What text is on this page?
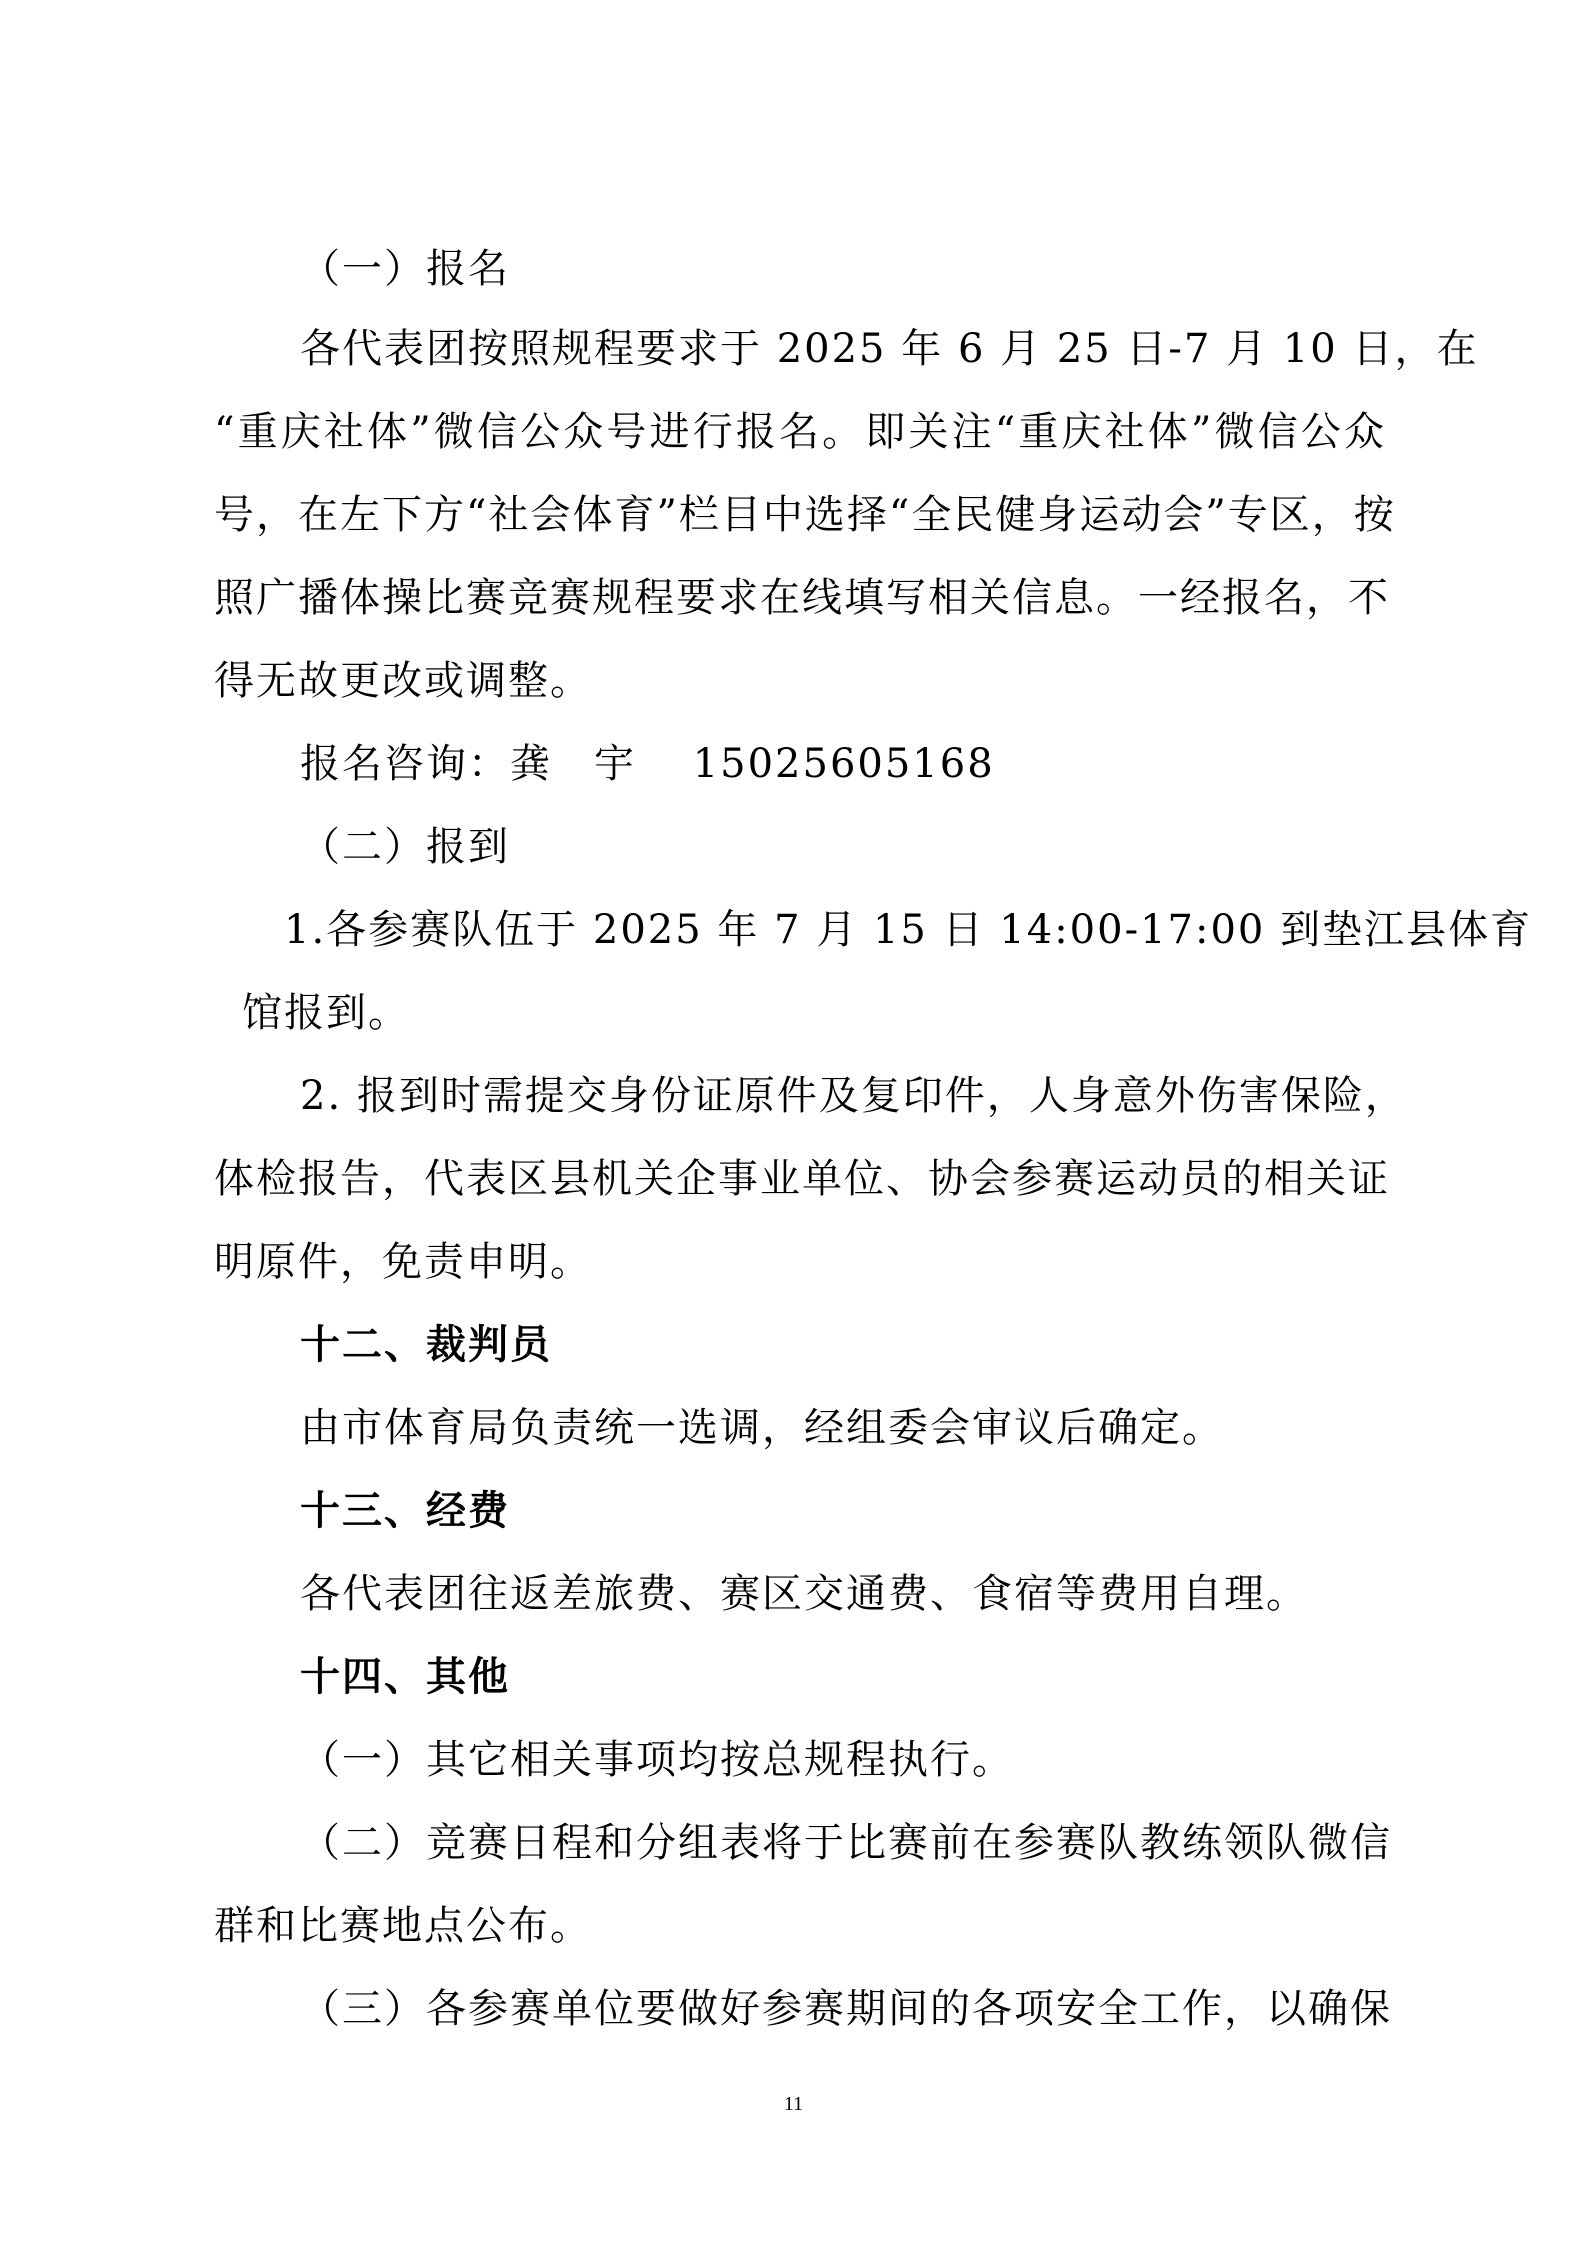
（一）报名
各代表团按照规程要求于 2025 年 6 月 25 日-7 月 10 日，在
“重庆社体”微信公众号进行报名。即关注“重庆社体”微信公众
号，在左下方“社会体育”栏目中选择“全民健身运动会”专区，按
照广播体操比赛竞赛规程要求在线填写相关信息。一经报名，不
得无故更改或调整。
报名咨询：龚　宇　 15025605168
（二）报到
1.各参赛队伍于 2025 年 7 月 15 日 14:00-17:00 到垫江县体育
馆报到。
2. 报到时需提交身份证原件及复印件，人身意外伤害保险，
体检报告，代表区县机关企事业单位、协会参赛运动员的相关证
明原件，免责申明。
十二、裁判员
由市体育局负责统一选调，经组委会审议后确定。
十三、经费
各代表团往返差旅费、赛区交通费、食宿等费用自理。
十四、其他
（一）其它相关事项均按总规程执行。
（二）竞赛日程和分组表将于比赛前在参赛队教练领队微信
群和比赛地点公布。
（三）各参赛单位要做好参赛期间的各项安全工作，以确保
11
